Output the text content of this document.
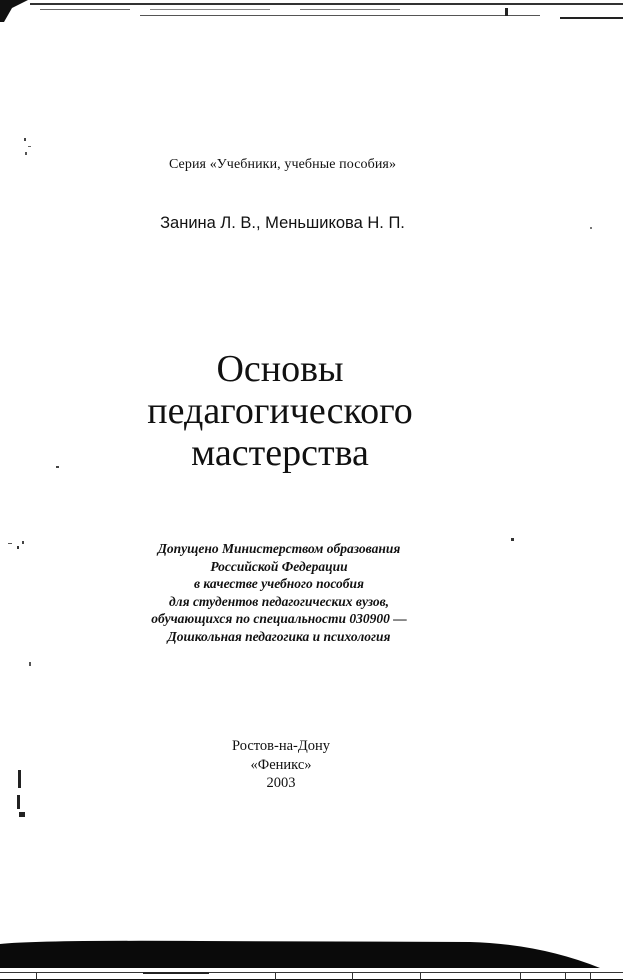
Серия «Учебники, учебные пособия»
Занина Л. В., Меньшикова Н. П.
Основы
педагогического
мастерства
Допущено Министерством образования
Российской Федерации
в качестве учебного пособия
для студентов педагогических вузов,
обучающихся по специальности 030900 —
Дошкольная педагогика и психология
Ростов-на-Дону
«Феникс»
2003
